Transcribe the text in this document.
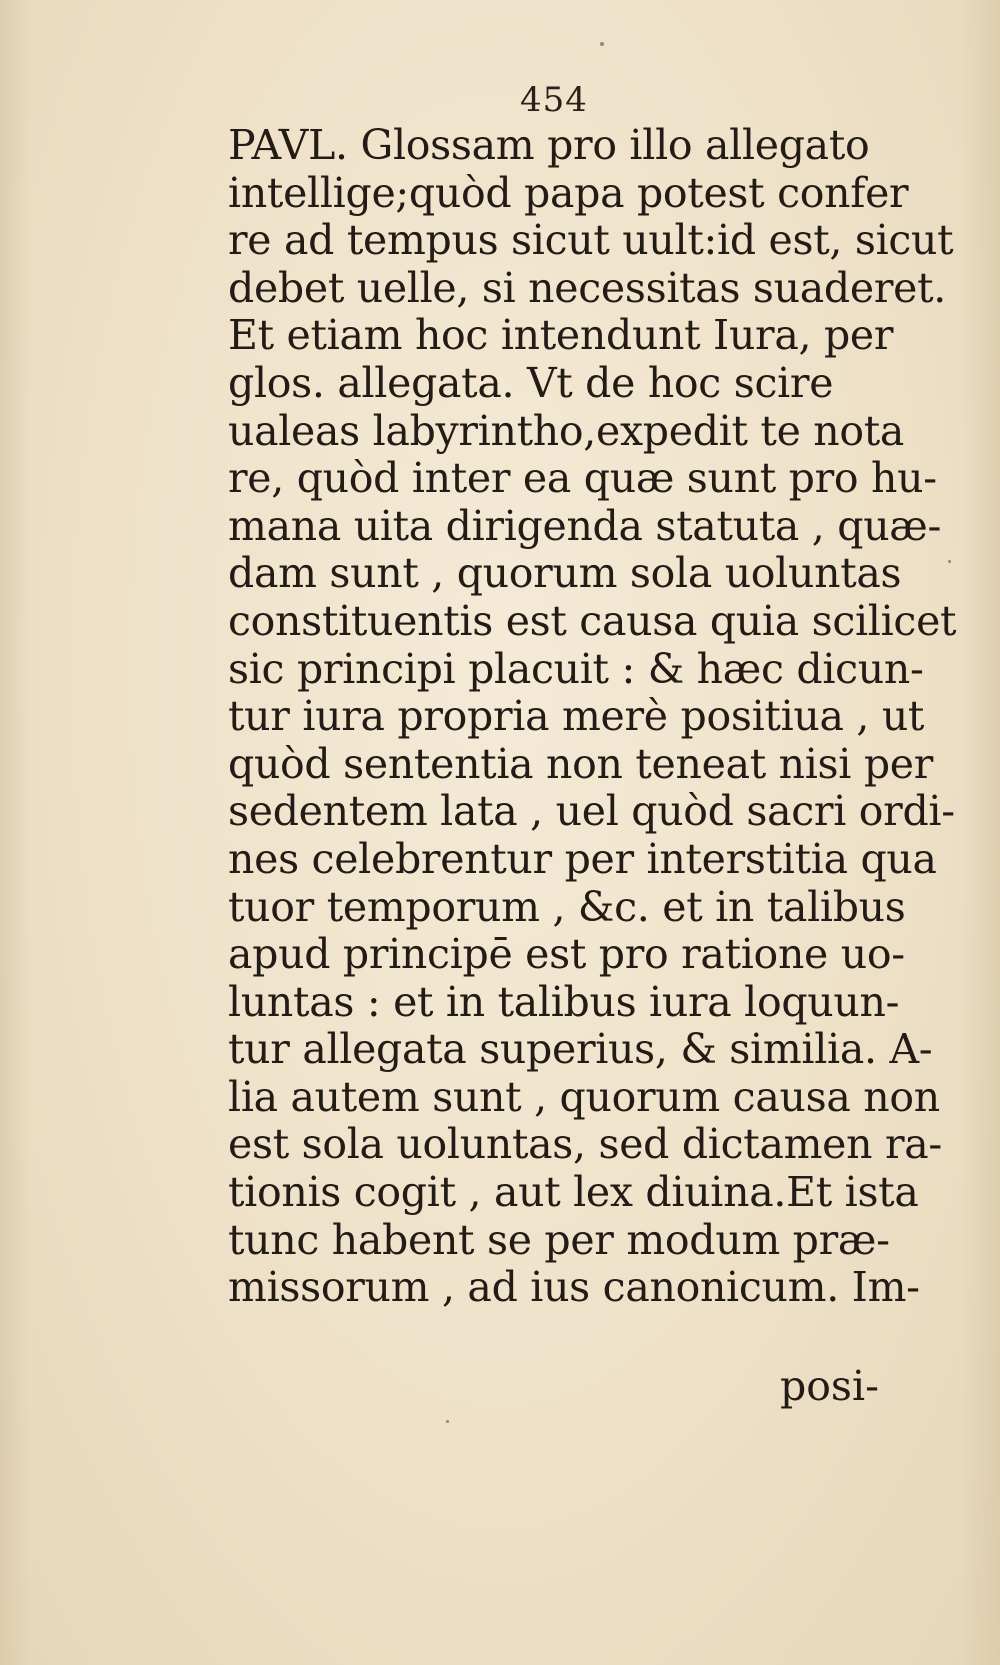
454
PAVL. Glossam pro illo allegato
intellige;quòd papa potest confer
re ad tempus sicut uult:id est, sicut
debet uelle, si necessitas suaderet.
Et etiam hoc intendunt Iura, per
glos. allegata. Vt de hoc scire
ualeas labyrintho,expedit te nota
re, quòd inter ea quæ sunt pro hu-
mana uita dirigenda statuta , quæ-
dam sunt , quorum sola uoluntas
constituentis est causa quia scilicet
sic principi placuit : & hæc dicun-
tur iura propria merè positiua , ut
quòd sententia non teneat nisi per
sedentem lata , uel quòd sacri ordi-
nes celebrentur per interstitia qua
tuor temporum , &c. et in talibus
apud principē est pro ratione uo-
luntas : et in talibus iura loquun-
tur allegata superius, & similia. A-
lia autem sunt , quorum causa non
est sola uoluntas, sed dictamen ra-
tionis cogit , aut lex diuina.Et ista
tunc habent se per modum præ-
missorum , ad ius canonicum. Im-
posi-
